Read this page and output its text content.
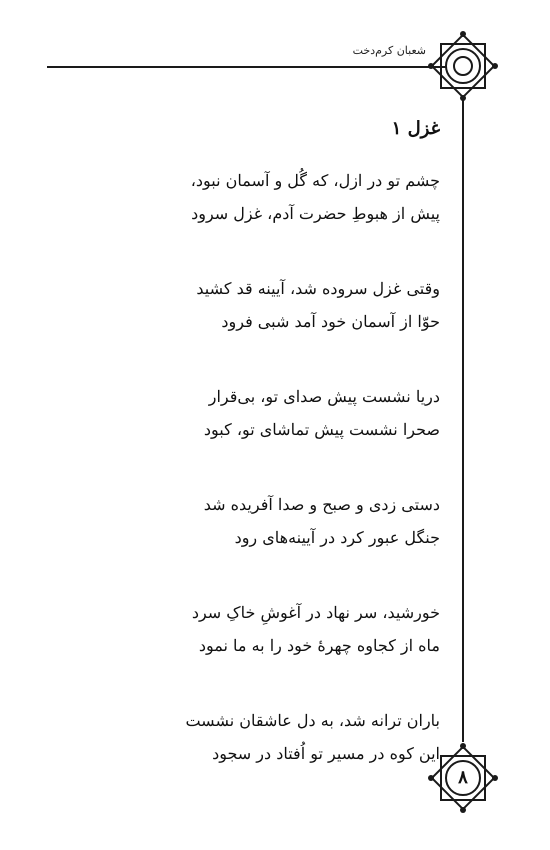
شعبان کرم‌دخت
غزل ۱
چشم تو در ازل، که گُل و آسمان نبود،
پیش از هبوطِ حضرت آدم، غزل سرود
وقتی غزل سروده شد، آیینه قد کشید
حوّا از آسمان خود آمد شبی فرود
دریا نشست پیش صدای تو، بی‌قرار
صحرا نشست پیش تماشای تو، کبود
دستی زدی و صبح و صدا آفریده شد
جنگل عبور کرد در آیینه‌های رود
خورشید، سر نهاد در آغوشِ خاکِ سرد
ماه از کجاوه چهرهٔ خود را به ما نمود
باران ترانه شد، به دل عاشقان نشست
این کوه در مسیر تو اُفتاد در سجود
۸
